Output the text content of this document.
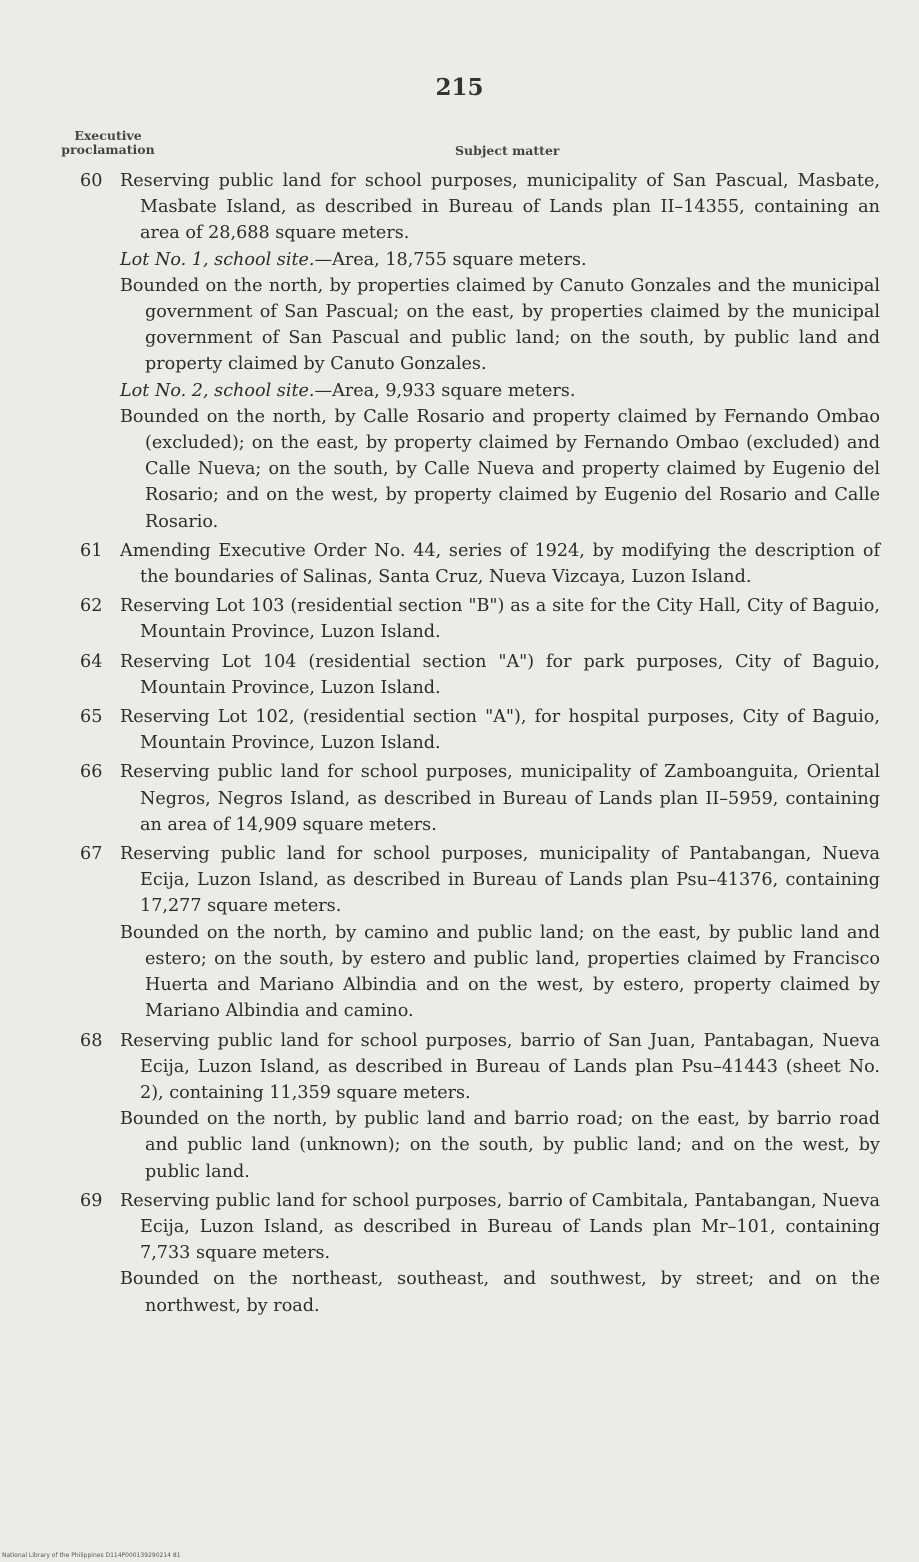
215
Executive
proclamation	Subject matter
60	Reserving public land for school purposes, municipality of San Pascual, Masbate, Masbate Island, as described in Bureau of Lands plan II–14355, containing an area of 28,688 square meters.
Lot No. 1, school site.—Area, 18,755 square meters.
Bounded on the north, by properties claimed by Canuto Gonzales and the municipal government of San Pascual; on the east, by properties claimed by the municipal government of San Pascual and public land; on the south, by public land and property claimed by Canuto Gonzales.
Lot No. 2, school site.—Area, 9,933 square meters.
Bounded on the north, by Calle Rosario and property claimed by Fernando Ombao (excluded); on the east, by property claimed by Fernando Ombao (excluded) and Calle Nueva; on the south, by Calle Nueva and property claimed by Eugenio del Rosario; and on the west, by property claimed by Eugenio del Rosario and Calle Rosario.
61	Amending Executive Order No. 44, series of 1924, by modifying the description of the boundaries of Salinas, Santa Cruz, Nueva Vizcaya, Luzon Island.
62	Reserving Lot 103 (residential section "B") as a site for the City Hall, City of Baguio, Mountain Province, Luzon Island.
64	Reserving Lot 104 (residential section "A") for park purposes, City of Baguio, Mountain Province, Luzon Island.
65	Reserving Lot 102, (residential section "A"), for hospital purposes, City of Baguio, Mountain Province, Luzon Island.
66	Reserving public land for school purposes, municipality of Zamboanguita, Oriental Negros, Negros Island, as described in Bureau of Lands plan II–5959, containing an area of 14,909 square meters.
67	Reserving public land for school purposes, municipality of Pantabangan, Nueva Ecija, Luzon Island, as described in Bureau of Lands plan Psu–41376, containing 17,277 square meters.
Bounded on the north, by camino and public land; on the east, by public land and estero; on the south, by estero and public land, properties claimed by Francisco Huerta and Mariano Albindia and on the west, by estero, property claimed by Mariano Albindia and camino.
68	Reserving public land for school purposes, barrio of San Juan, Pantabagan, Nueva Ecija, Luzon Island, as described in Bureau of Lands plan Psu–41443 (sheet No. 2), containing 11,359 square meters.
Bounded on the north, by public land and barrio road; on the east, by barrio road and public land (unknown); on the south, by public land; and on the west, by public land.
69	Reserving public land for school purposes, barrio of Cambitala, Pantabangan, Nueva Ecija, Luzon Island, as described in Bureau of Lands plan Mr–101, containing 7,733 square meters.
Bounded on the northeast, southeast, and southwest, by street; and on the northwest, by road.
National Library of the Philippines D114P000139290214 81
